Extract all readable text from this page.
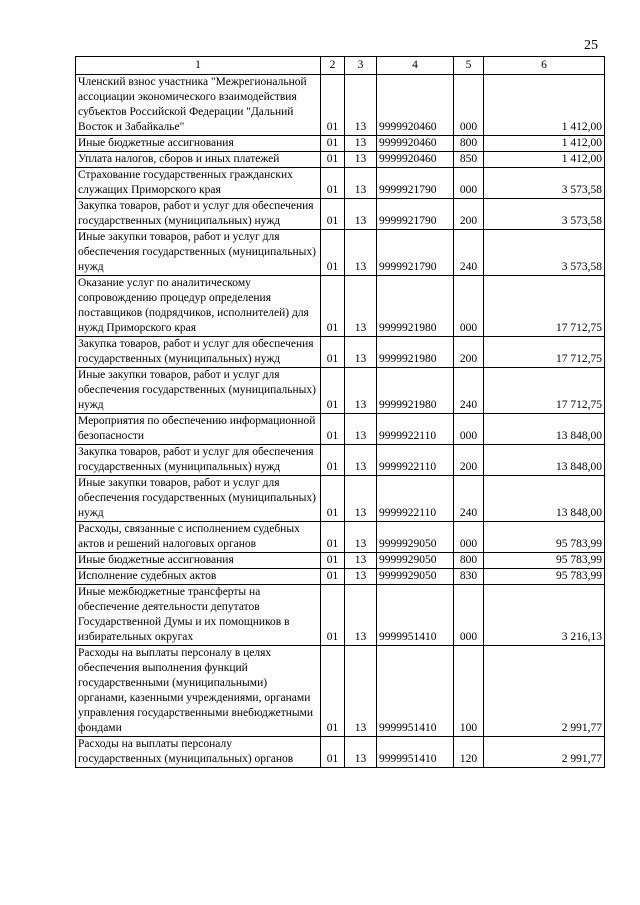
25
1	2	3	4	5	6
Членский взнос участника "Межрегиональной ассоциации экономического взаимодействия субъектов Российской Федерации "Дальний Восток и Забайкалье"	01	13	9999920460	000	1 412,00
Иные бюджетные ассигнования	01	13	9999920460	800	1 412,00
Уплата налогов, сборов и иных платежей	01	13	9999920460	850	1 412,00
Страхование государственных гражданских служащих Приморского края	01	13	9999921790	000	3 573,58
Закупка товаров, работ и услуг для обеспечения государственных (муниципальных) нужд	01	13	9999921790	200	3 573,58
Иные закупки товаров, работ и услуг для обеспечения государственных (муниципальных) нужд	01	13	9999921790	240	3 573,58
Оказание услуг по аналитическому сопровождению процедур определения поставщиков (подрядчиков, исполнителей) для нужд Приморского края	01	13	9999921980	000	17 712,75
Закупка товаров, работ и услуг для обеспечения государственных (муниципальных) нужд	01	13	9999921980	200	17 712,75
Иные закупки товаров, работ и услуг для обеспечения государственных (муниципальных) нужд	01	13	9999921980	240	17 712,75
Мероприятия по обеспечению информационной безопасности	01	13	9999922110	000	13 848,00
Закупка товаров, работ и услуг для обеспечения государственных (муниципальных) нужд	01	13	9999922110	200	13 848,00
Иные закупки товаров, работ и услуг для обеспечения государственных (муниципальных) нужд	01	13	9999922110	240	13 848,00
Расходы, связанные с исполнением судебных актов и решений налоговых органов	01	13	9999929050	000	95 783,99
Иные бюджетные ассигнования	01	13	9999929050	800	95 783,99
Исполнение судебных актов	01	13	9999929050	830	95 783,99
Иные межбюджетные трансферты на обеспечение деятельности депутатов Государственной Думы и их помощников в избирательных округах	01	13	9999951410	000	3 216,13
Расходы на выплаты персоналу в целях обеспечения выполнения функций государственными (муниципальными) органами, казенными учреждениями, органами управления государственными внебюджетными фондами	01	13	9999951410	100	2 991,77
Расходы на выплаты персоналу государственных (муниципальных) органов	01	13	9999951410	120	2 991,77
